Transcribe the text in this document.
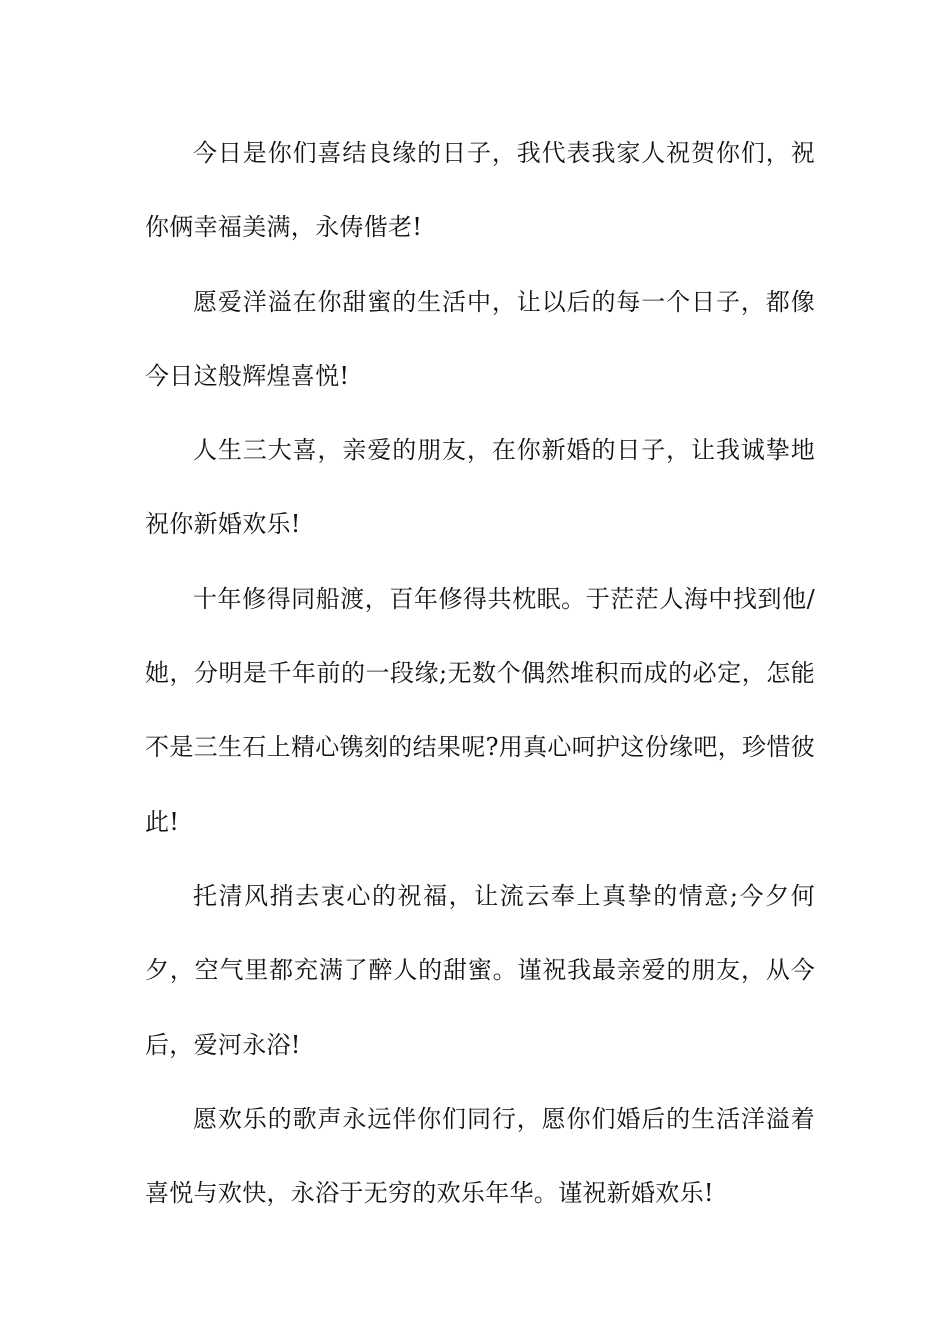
今日是你们喜结良缘的日子，我代表我家人祝贺你们，祝你俩幸福美满，永俦偕老!

愿爱洋溢在你甜蜜的生活中，让以后的每一个日子，都像今日这般辉煌喜悦!

人生三大喜，亲爱的朋友，在你新婚的日子，让我诚挚地祝你新婚欢乐!

十年修得同船渡，百年修得共枕眠。于茫茫人海中找到他/她，分明是千年前的一段缘;无数个偶然堆积而成的必定，怎能不是三生石上精心镌刻的结果呢?用真心呵护这份缘吧，珍惜彼此!

托清风捎去衷心的祝福，让流云奉上真挚的情意;今夕何夕，空气里都充满了醉人的甜蜜。谨祝我最亲爱的朋友，从今后，爱河永浴!

愿欢乐的歌声永远伴你们同行，愿你们婚后的生活洋溢着喜悦与欢快，永浴于无穷的欢乐年华。谨祝新婚欢乐!
